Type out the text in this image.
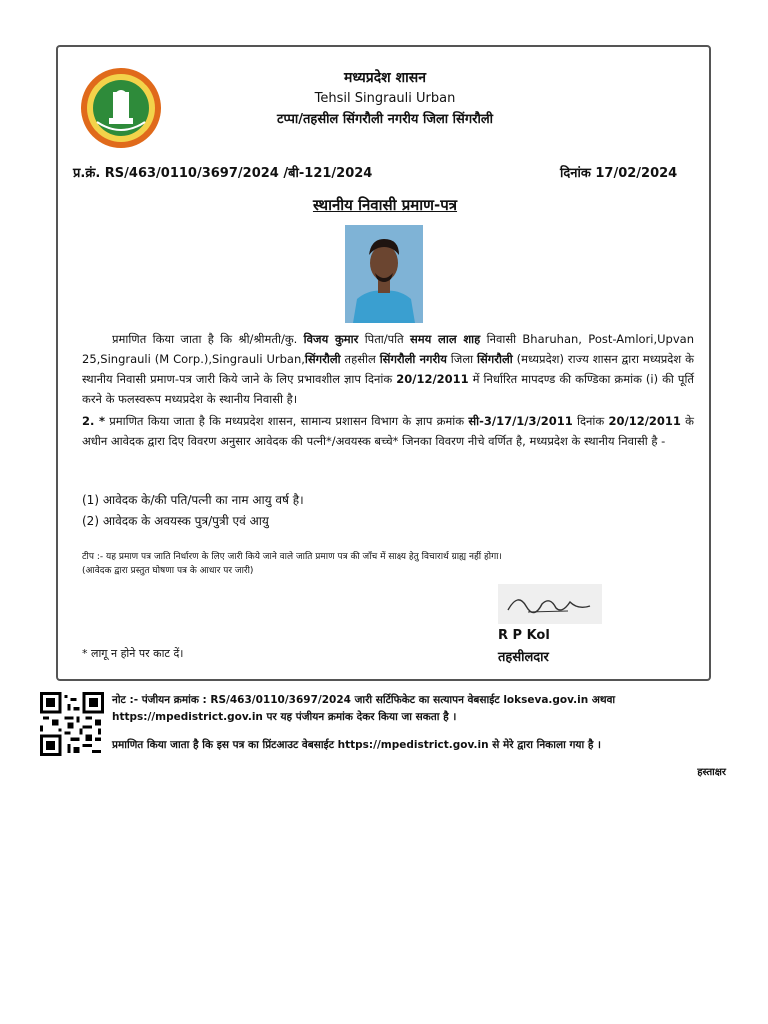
मध्यप्रदेश शासन
Tehsil Singrauli Urban
टप्पा/तहसील सिंगरौली नगरीय जिला सिंगरौली
प्र.क्रं. RS/463/0110/3697/2024 /बी-121/2024	दिनांक 17/02/2024
स्थानीय निवासी प्रमाण-पत्र
प्रमाणित किया जाता है कि श्री/श्रीमती/कु. विजय कुमार पिता/पति समय लाल शाह निवासी Bharuhan, Post-Amlori,Upvan 25,Singrauli (M Corp.),Singrauli Urban,सिंगरौली तहसील सिंगरौली नगरीय जिला सिंगरौली (मध्यप्रदेश) राज्य शासन द्वारा मध्यप्रदेश के स्थानीय निवासी प्रमाण-पत्र जारी किये जाने के लिए प्रभावशील ज्ञाप दिनांक 20/12/2011 में निर्धारित मापदण्ड की कण्डिका क्रमांक (i) की पूर्ति करने के फलस्वरूप मध्यप्रदेश के स्थानीय निवासी है।
2. * प्रमाणित किया जाता है कि मध्यप्रदेश शासन, सामान्य प्रशासन विभाग के ज्ञाप क्रमांक सी-3/17/1/3/2011 दिनांक 20/12/2011 के अधीन आवेदक द्वारा दिए विवरण अनुसार आवेदक की पत्नी*/अवयस्क बच्चे* जिनका विवरण नीचे वर्णित है, मध्यप्रदेश के स्थानीय निवासी है -
(1) आवेदक के/की पति/पत्नी का नाम आयु वर्ष है।
(2) आवेदक के अवयस्क पुत्र/पुत्री एवं आयु
टीप :- यह प्रमाण पत्र जाति निर्धारण के लिए जारी किये जाने वाले जाति प्रमाण पत्र की जाँच में साक्ष्य हेतु विचारार्थ ग्राह्य नहीं होगा।
(आवेदक द्वारा प्रस्तुत घोषणा पत्र के आधार पर जारी)
R P Kol
तहसीलदार
* लागू न होने पर काट दें।
नोट :- पंजीयन क्रमांक : RS/463/0110/3697/2024 जारी सर्टिफिकेट का सत्यापन वेबसाईट lokseva.gov.in अथवा
https://mpedistrict.gov.in पर यह पंजीयन क्रमांक देकर किया जा सकता है ।
प्रमाणित किया जाता है कि इस पत्र का प्रिंटआउट वेबसाईट https://mpedistrict.gov.in से मेरे द्वारा निकाला गया है ।
हस्ताक्षर
